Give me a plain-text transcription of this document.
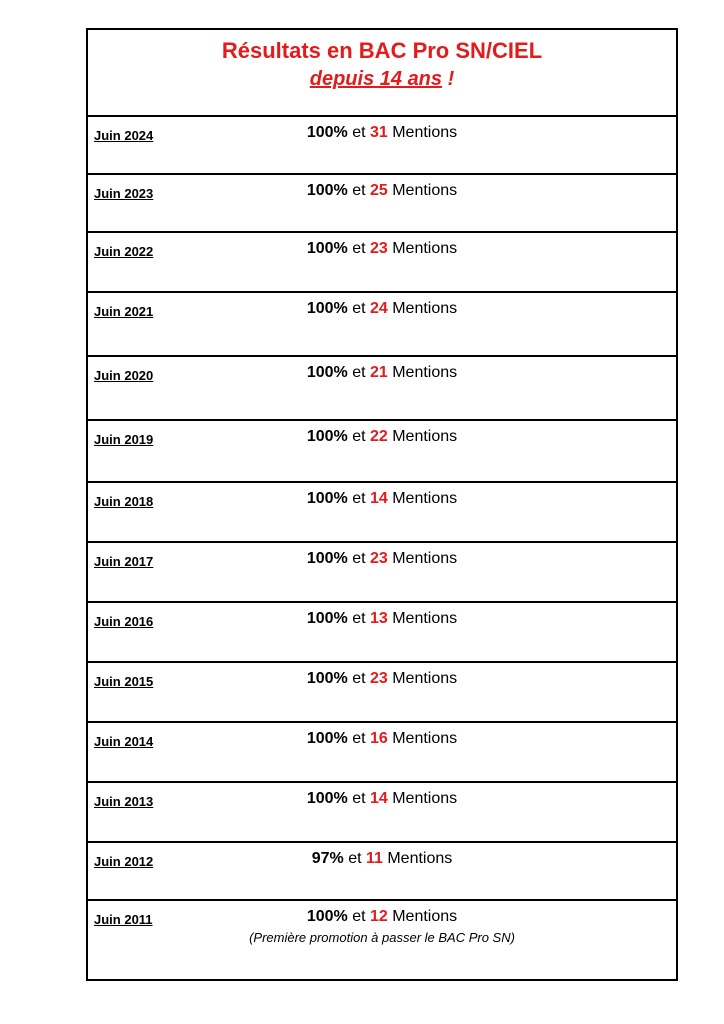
Résultats en BAC Pro SN/CIEL
depuis 14 ans !
Juin 2024	100% et 31 Mentions
Juin 2023	100% et 25 Mentions
Juin 2022	100% et 23 Mentions
Juin 2021	100% et 24 Mentions
Juin 2020	100% et 21 Mentions
Juin 2019	100% et 22 Mentions
Juin 2018	100% et 14 Mentions
Juin 2017	100% et 23 Mentions
Juin 2016	100% et 13 Mentions
Juin 2015	100% et 23 Mentions
Juin 2014	100% et 16 Mentions
Juin 2013	100% et 14 Mentions
Juin 2012	97% et 11 Mentions
Juin 2011	100% et 12 Mentions
(Première promotion à passer le BAC Pro SN)
